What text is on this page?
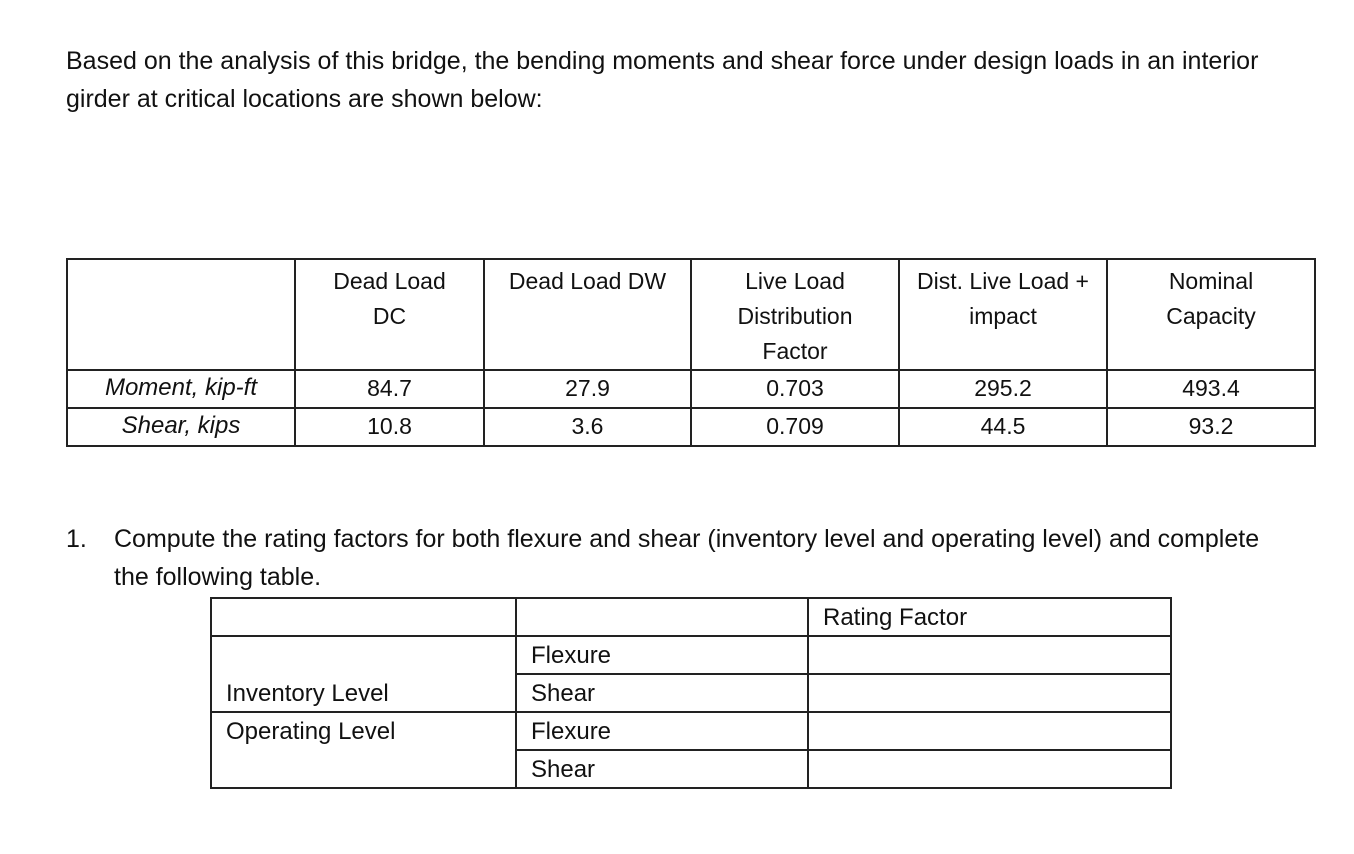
Based on the analysis of this bridge, the bending moments and shear force under design loads in an interior girder at critical locations are shown below:

	Dead Load DC	Dead Load DW	Live Load Distribution Factor	Dist. Live Load + impact	Nominal Capacity
Moment, kip-ft	84.7	27.9	0.703	295.2	493.4
Shear, kips	10.8	3.6	0.709	44.5	93.2
1. Compute the rating factors for both flexure and shear (inventory level and operating level) and complete the following table.
		Rating Factor
Inventory Level	Flexure	
	Shear	
Operating Level	Flexure	
	Shear	
